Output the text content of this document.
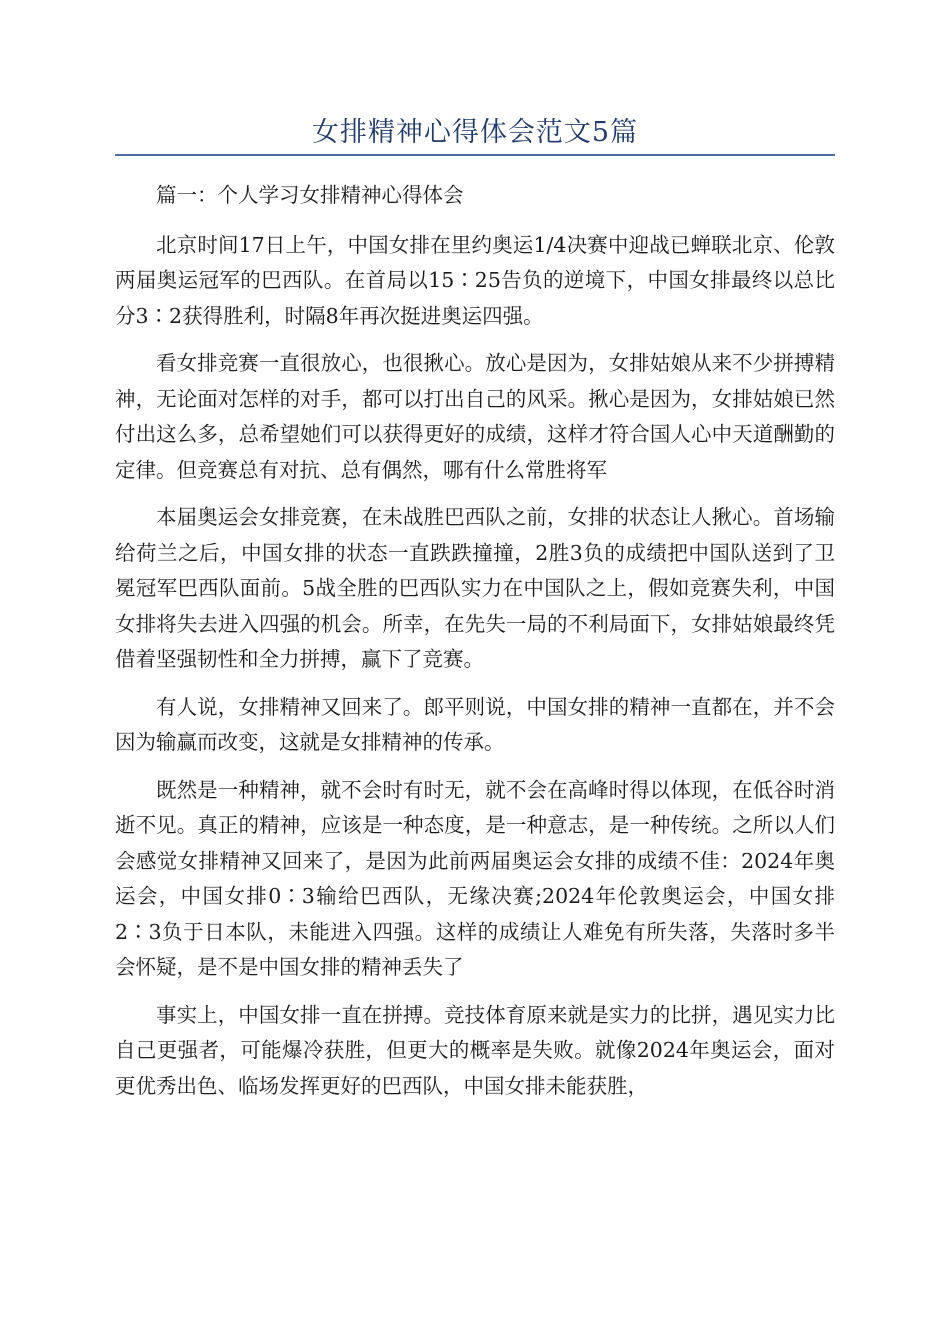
女排精神心得体会范文5篇

篇一：个人学习女排精神心得体会

北京时间17日上午，中国女排在里约奥运1/4决赛中迎战已蝉联北京、伦敦两届奥运冠军的巴西队。在首局以15∶25告负的逆境下，中国女排最终以总比分3∶2获得胜利，时隔8年再次挺进奥运四强。

看女排竞赛一直很放心，也很揪心。放心是因为，女排姑娘从来不少拼搏精神，无论面对怎样的对手，都可以打出自己的风采。揪心是因为，女排姑娘已然付出这么多，总希望她们可以获得更好的成绩，这样才符合国人心中天道酬勤的定律。但竞赛总有对抗、总有偶然，哪有什么常胜将军

本届奥运会女排竞赛，在未战胜巴西队之前，女排的状态让人揪心。首场输给荷兰之后，中国女排的状态一直跌跌撞撞，2胜3负的成绩把中国队送到了卫冕冠军巴西队面前。5战全胜的巴西队实力在中国队之上，假如竞赛失利，中国女排将失去进入四强的机会。所幸，在先失一局的不利局面下，女排姑娘最终凭借着坚强韧性和全力拼搏，赢下了竞赛。

有人说，女排精神又回来了。郎平则说，中国女排的精神一直都在，并不会因为输赢而改变，这就是女排精神的传承。

既然是一种精神，就不会时有时无，就不会在高峰时得以体现，在低谷时消逝不见。真正的精神，应该是一种态度，是一种意志，是一种传统。之所以人们会感觉女排精神又回来了，是因为此前两届奥运会女排的成绩不佳：2024年奥运会，中国女排0∶3输给巴西队，无缘决赛;2024年伦敦奥运会，中国女排2∶3负于日本队，未能进入四强。这样的成绩让人难免有所失落，失落时多半会怀疑，是不是中国女排的精神丢失了

事实上，中国女排一直在拼搏。竞技体育原来就是实力的比拼，遇见实力比自己更强者，可能爆冷获胜，但更大的概率是失败。就像2024年奥运会，面对更优秀出色、临场发挥更好的巴西队，中国女排未能获胜，
